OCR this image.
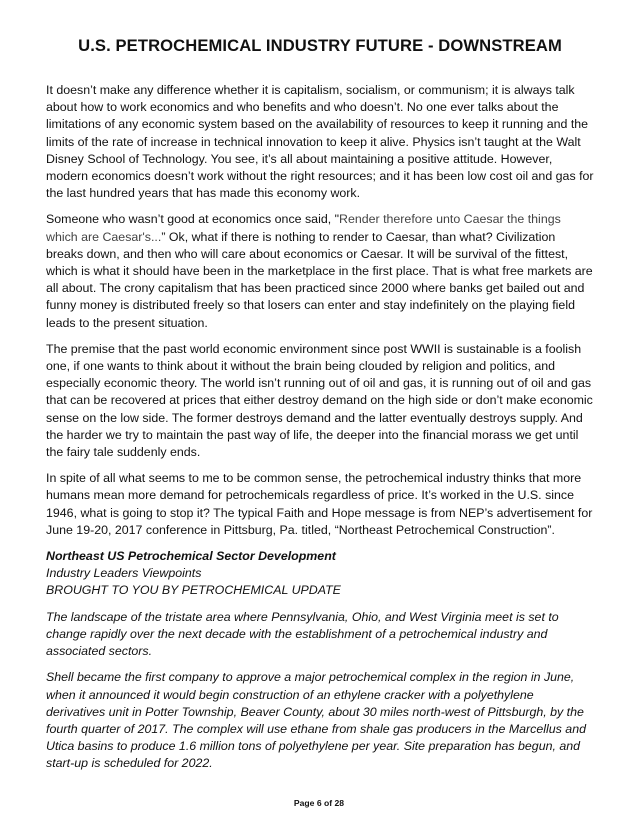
U.S. PETROCHEMICAL INDUSTRY FUTURE - DOWNSTREAM

It doesn’t make any difference whether it is capitalism, socialism, or communism; it is always talk about how to work economics and who benefits and who doesn’t. No one ever talks about the limitations of any economic system based on the availability of resources to keep it running and the limits of the rate of increase in technical innovation to keep it alive. Physics isn’t taught at the Walt Disney School of Technology. You see, it’s all about maintaining a positive attitude. However, modern economics doesn’t work without the right resources; and it has been low cost oil and gas for the last hundred years that has made this economy work.

Someone who wasn’t good at economics once said, "Render therefore unto Caesar the things which are Caesar's...” Ok, what if there is nothing to render to Caesar, than what? Civilization breaks down, and then who will care about economics or Caesar. It will be survival of the fittest, which is what it should have been in the marketplace in the first place. That is what free markets are all about. The crony capitalism that has been practiced since 2000 where banks get bailed out and funny money is distributed freely so that losers can enter and stay indefinitely on the playing field leads to the present situation.

The premise that the past world economic environment since post WWII is sustainable is a foolish one, if one wants to think about it without the brain being clouded by religion and politics, and especially economic theory. The world isn’t running out of oil and gas, it is running out of oil and gas that can be recovered at prices that either destroy demand on the high side or don’t make economic sense on the low side. The former destroys demand and the latter eventually destroys supply. And the harder we try to maintain the past way of life, the deeper into the financial morass we get until the fairy tale suddenly ends.

In spite of all what seems to me to be common sense, the petrochemical industry thinks that more humans mean more demand for petrochemicals regardless of price. It’s worked in the U.S. since 1946, what is going to stop it? The typical Faith and Hope message is from NEP’s advertisement for June 19-20, 2017 conference in Pittsburg, Pa. titled, “Northeast Petrochemical Construction”.

Northeast US Petrochemical Sector Development
Industry Leaders Viewpoints
BROUGHT TO YOU BY PETROCHEMICAL UPDATE

The landscape of the tristate area where Pennsylvania, Ohio, and West Virginia meet is set to change rapidly over the next decade with the establishment of a petrochemical industry and associated sectors.

Shell became the first company to approve a major petrochemical complex in the region in June, when it announced it would begin construction of an ethylene cracker with a polyethylene derivatives unit in Potter Township, Beaver County, about 30 miles north-west of Pittsburgh, by the fourth quarter of 2017. The complex will use ethane from shale gas producers in the Marcellus and Utica basins to produce 1.6 million tons of polyethylene per year. Site preparation has begun, and start-up is scheduled for 2022.

Page 6 of 28
